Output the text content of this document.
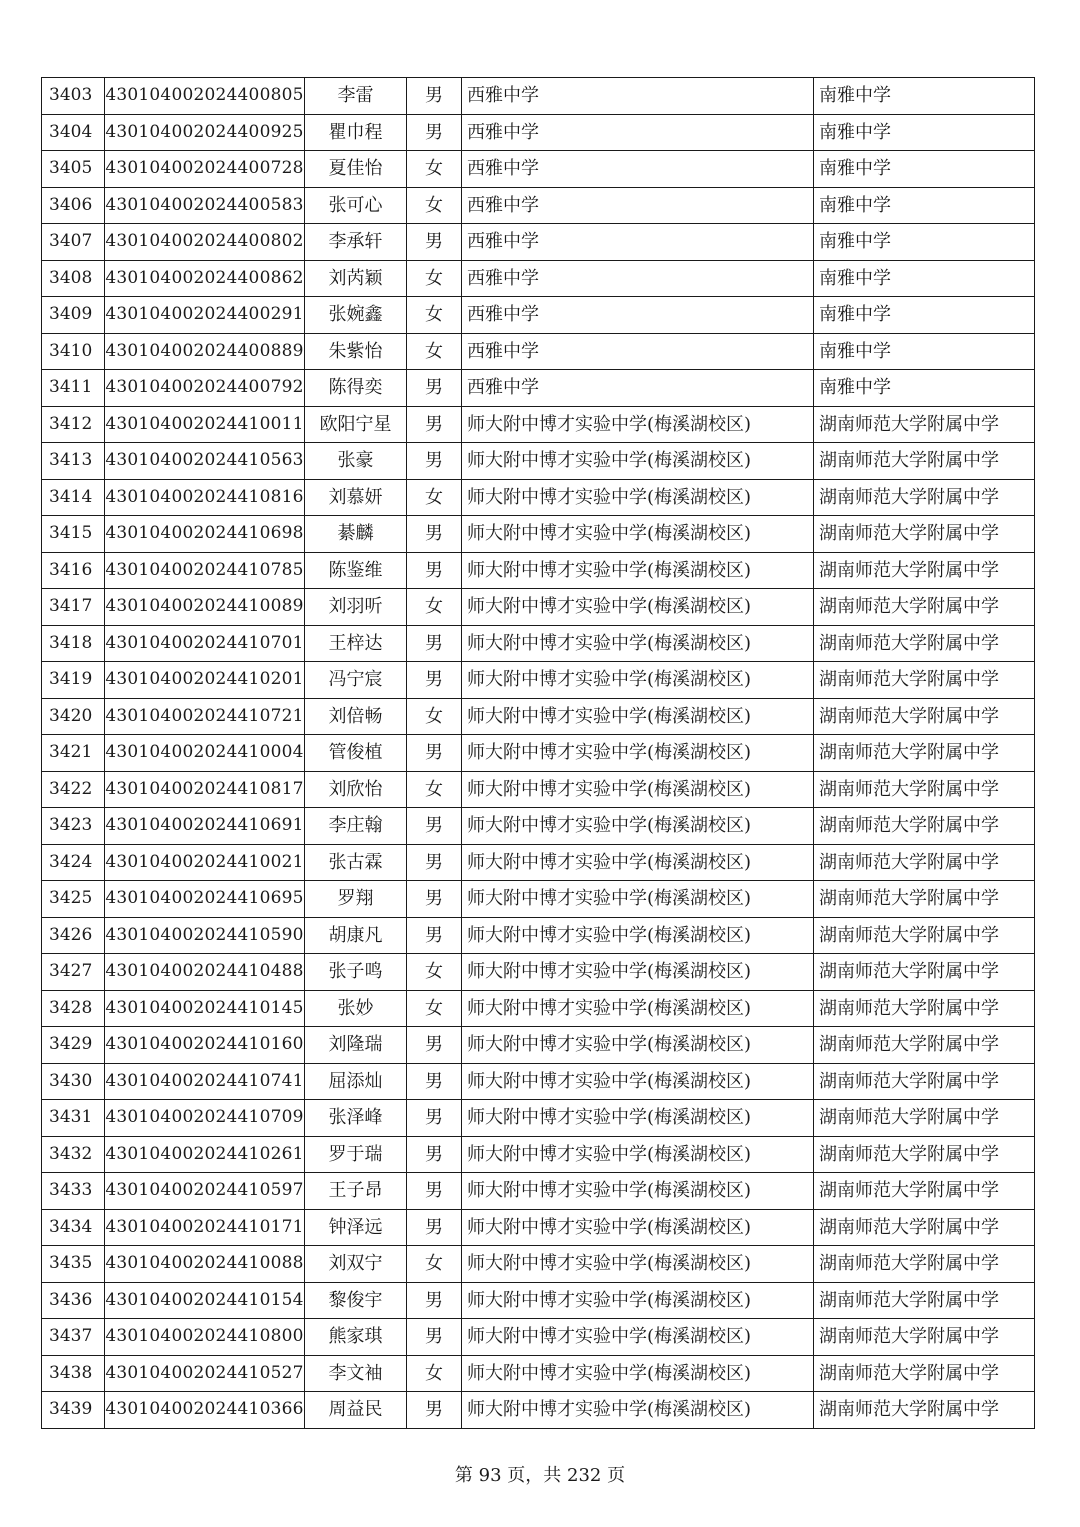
3403	430104002024400805	李雷	男	西雅中学	南雅中学
3404	430104002024400925	瞿巾程	男	西雅中学	南雅中学
3405	430104002024400728	夏佳怡	女	西雅中学	南雅中学
3406	430104002024400583	张可心	女	西雅中学	南雅中学
3407	430104002024400802	李承轩	男	西雅中学	南雅中学
3408	430104002024400862	刘芮颖	女	西雅中学	南雅中学
3409	430104002024400291	张婉鑫	女	西雅中学	南雅中学
3410	430104002024400889	朱紫怡	女	西雅中学	南雅中学
3411	430104002024400792	陈得奕	男	西雅中学	南雅中学
3412	430104002024410011	欧阳宁星	男	师大附中博才实验中学(梅溪湖校区)	湖南师范大学附属中学
3413	430104002024410563	张豪	男	师大附中博才实验中学(梅溪湖校区)	湖南师范大学附属中学
3414	430104002024410816	刘慕妍	女	师大附中博才实验中学(梅溪湖校区)	湖南师范大学附属中学
3415	430104002024410698	綦麟	男	师大附中博才实验中学(梅溪湖校区)	湖南师范大学附属中学
3416	430104002024410785	陈鉴维	男	师大附中博才实验中学(梅溪湖校区)	湖南师范大学附属中学
3417	430104002024410089	刘羽听	女	师大附中博才实验中学(梅溪湖校区)	湖南师范大学附属中学
3418	430104002024410701	王梓达	男	师大附中博才实验中学(梅溪湖校区)	湖南师范大学附属中学
3419	430104002024410201	冯宁宸	男	师大附中博才实验中学(梅溪湖校区)	湖南师范大学附属中学
3420	430104002024410721	刘倍畅	女	师大附中博才实验中学(梅溪湖校区)	湖南师范大学附属中学
3421	430104002024410004	管俊植	男	师大附中博才实验中学(梅溪湖校区)	湖南师范大学附属中学
3422	430104002024410817	刘欣怡	女	师大附中博才实验中学(梅溪湖校区)	湖南师范大学附属中学
3423	430104002024410691	李庄翰	男	师大附中博才实验中学(梅溪湖校区)	湖南师范大学附属中学
3424	430104002024410021	张古霖	男	师大附中博才实验中学(梅溪湖校区)	湖南师范大学附属中学
3425	430104002024410695	罗翔	男	师大附中博才实验中学(梅溪湖校区)	湖南师范大学附属中学
3426	430104002024410590	胡康凡	男	师大附中博才实验中学(梅溪湖校区)	湖南师范大学附属中学
3427	430104002024410488	张子鸣	女	师大附中博才实验中学(梅溪湖校区)	湖南师范大学附属中学
3428	430104002024410145	张妙	女	师大附中博才实验中学(梅溪湖校区)	湖南师范大学附属中学
3429	430104002024410160	刘隆瑞	男	师大附中博才实验中学(梅溪湖校区)	湖南师范大学附属中学
3430	430104002024410741	屈添灿	男	师大附中博才实验中学(梅溪湖校区)	湖南师范大学附属中学
3431	430104002024410709	张泽峰	男	师大附中博才实验中学(梅溪湖校区)	湖南师范大学附属中学
3432	430104002024410261	罗于瑞	男	师大附中博才实验中学(梅溪湖校区)	湖南师范大学附属中学
3433	430104002024410597	王子昂	男	师大附中博才实验中学(梅溪湖校区)	湖南师范大学附属中学
3434	430104002024410171	钟泽远	男	师大附中博才实验中学(梅溪湖校区)	湖南师范大学附属中学
3435	430104002024410088	刘双宁	女	师大附中博才实验中学(梅溪湖校区)	湖南师范大学附属中学
3436	430104002024410154	黎俊宇	男	师大附中博才实验中学(梅溪湖校区)	湖南师范大学附属中学
3437	430104002024410800	熊家琪	男	师大附中博才实验中学(梅溪湖校区)	湖南师范大学附属中学
3438	430104002024410527	李文袖	女	师大附中博才实验中学(梅溪湖校区)	湖南师范大学附属中学
3439	430104002024410366	周益民	男	师大附中博才实验中学(梅溪湖校区)	湖南师范大学附属中学
第 93 页，共 232 页
